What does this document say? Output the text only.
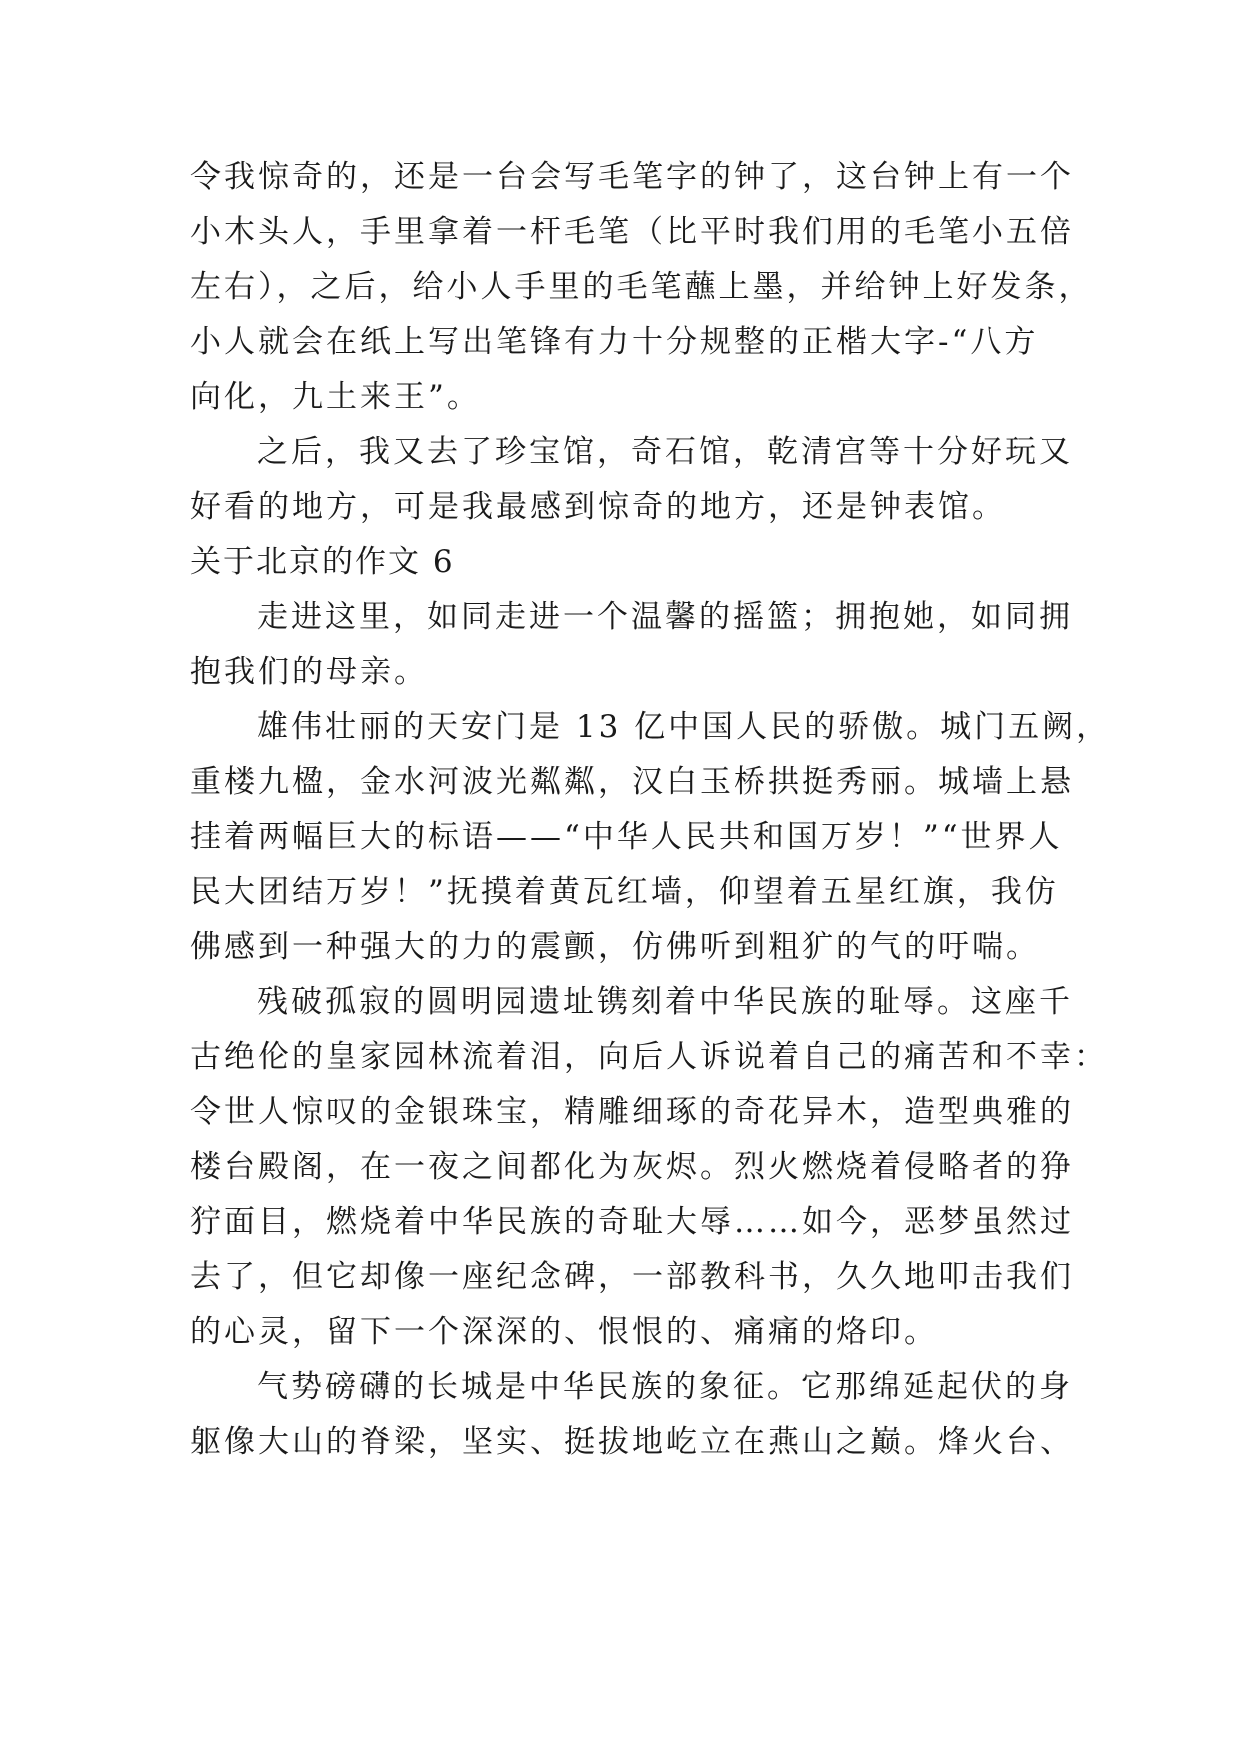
令我惊奇的，还是一台会写毛笔字的钟了，这台钟上有一个
小木头人，手里拿着一杆毛笔（比平时我们用的毛笔小五倍
左右），之后，给小人手里的毛笔蘸上墨，并给钟上好发条，
小人就会在纸上写出笔锋有力十分规整的正楷大字-“八方
向化，九土来王”。
之后，我又去了珍宝馆，奇石馆，乾清宫等十分好玩又
好看的地方，可是我最感到惊奇的地方，还是钟表馆。
关于北京的作文 6
走进这里，如同走进一个温馨的摇篮；拥抱她，如同拥
抱我们的母亲。
雄伟壮丽的天安门是 13 亿中国人民的骄傲。城门五阙，
重楼九楹，金水河波光粼粼，汉白玉桥拱挺秀丽。城墙上悬
挂着两幅巨大的标语——“中华人民共和国万岁！”“世界人
民大团结万岁！”抚摸着黄瓦红墙，仰望着五星红旗，我仿
佛感到一种强大的力的震颤，仿佛听到粗犷的气的吁喘。
残破孤寂的圆明园遗址镌刻着中华民族的耻辱。这座千
古绝伦的皇家园林流着泪，向后人诉说着自己的痛苦和不幸：
令世人惊叹的金银珠宝，精雕细琢的奇花异木，造型典雅的
楼台殿阁，在一夜之间都化为灰烬。烈火燃烧着侵略者的狰
狞面目，燃烧着中华民族的奇耻大辱……如今，恶梦虽然过
去了，但它却像一座纪念碑，一部教科书，久久地叩击我们
的心灵，留下一个深深的、恨恨的、痛痛的烙印。
气势磅礴的长城是中华民族的象征。它那绵延起伏的身
躯像大山的脊梁，坚实、挺拔地屹立在燕山之巅。烽火台、
